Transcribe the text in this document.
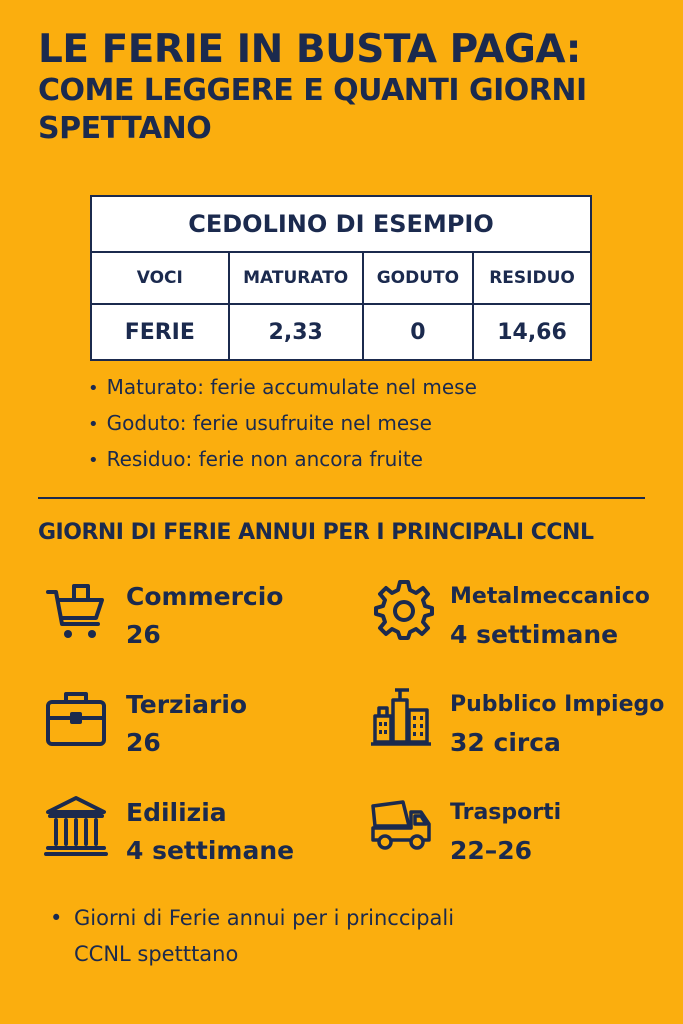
LE FERIE IN BUSTA PAGA:
COME LEGGERE E QUANTI GIORNI
SPETTANO
CEDOLINO DI ESEMPIO			
VOCI	MATURATO	GODUTO	RESIDUO
FERIE	2,33	0	14,66
• Maturato: ferie accumulate nel mese
• Goduto: ferie usufruite nel mese
• Residuo: ferie non ancora fruite
GIORNI DI FERIE ANNUI PER I PRINCIPALI CCNL
Commercio
26
Metalmeccanico
4 settimane
Terziario
26
Pubblico Impiego
32 circa
Edilizia
4 settimane
Trasporti
22–26
• Giorni di Ferie annui per i princcipali
CCNL spetttano
